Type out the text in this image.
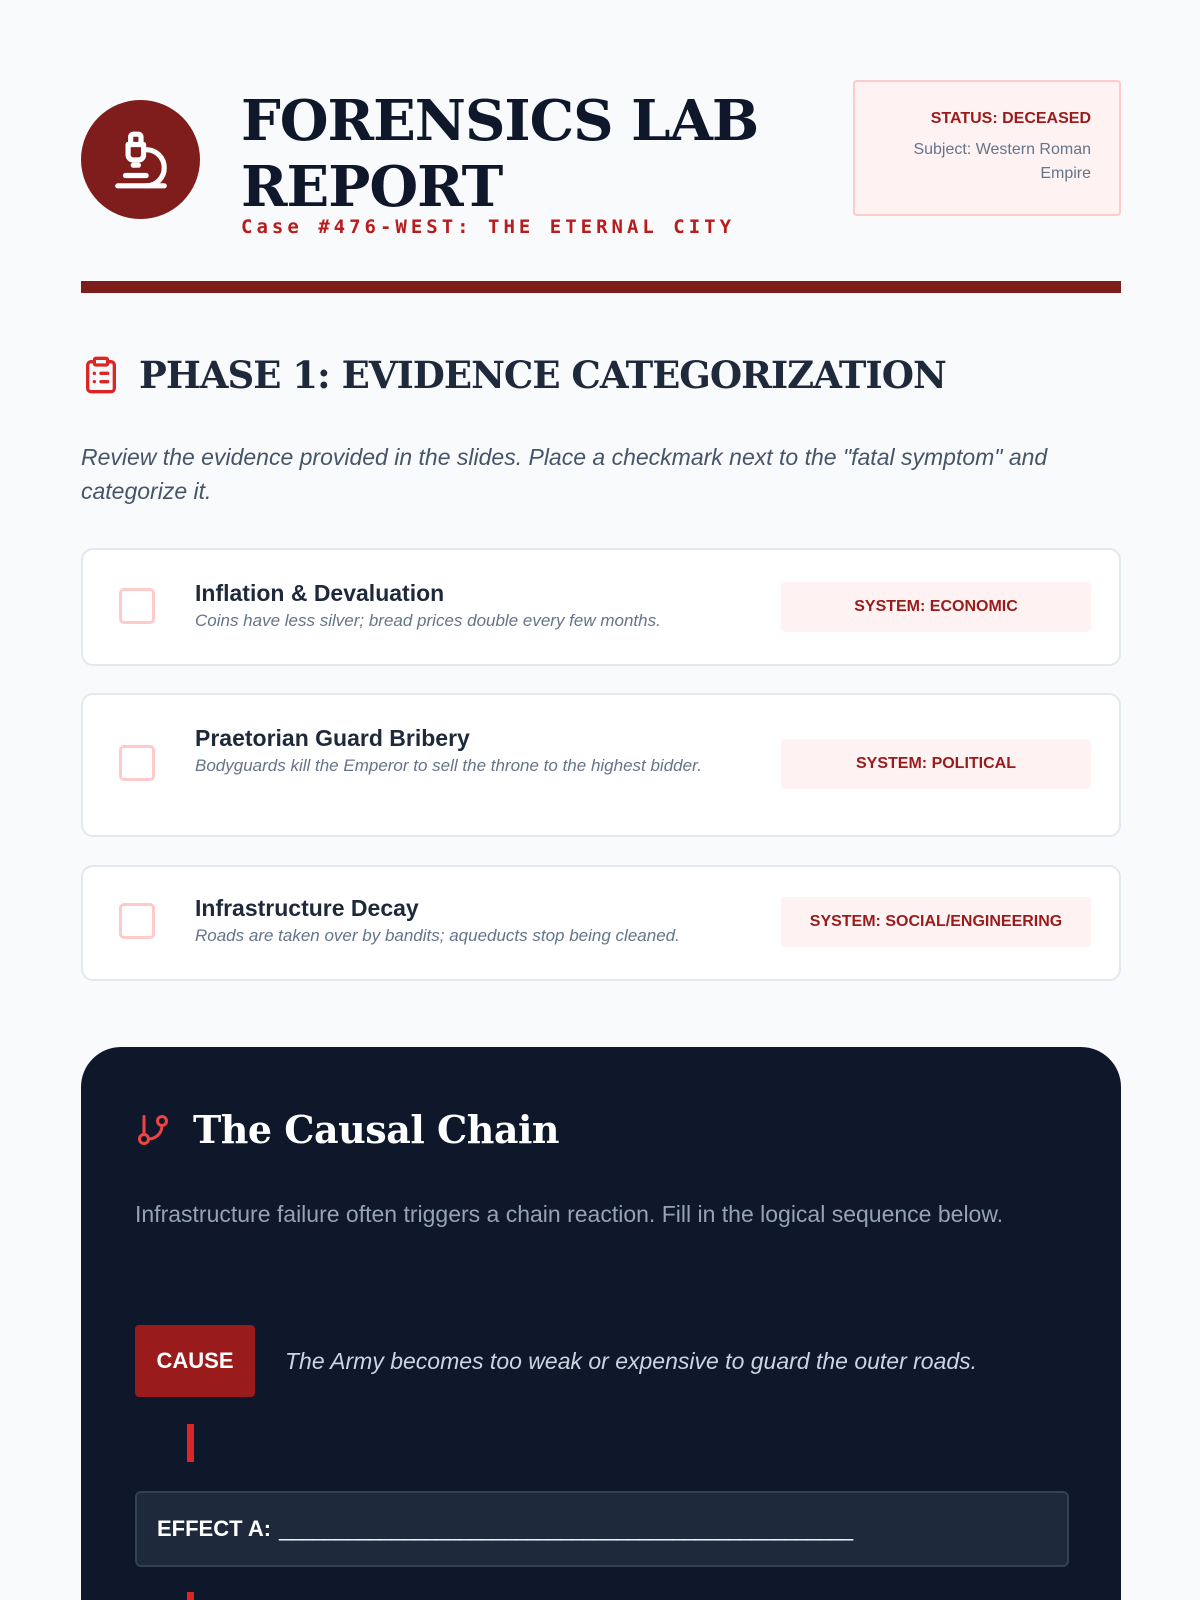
FORENSICS LAB
REPORT
Case #476-WEST: THE ETERNAL CITY
STATUS: DECEASED
Subject: Western Roman Empire
PHASE 1: EVIDENCE CATEGORIZATION
Review the evidence provided in the slides. Place a checkmark next to the "fatal symptom" and categorize it.
Inflation & Devaluation
Coins have less silver; bread prices double every few months.
SYSTEM: ECONOMIC
Praetorian Guard Bribery
Bodyguards kill the Emperor to sell the throne to the highest bidder.	SYSTEM: POLITICAL
Infrastructure Decay
Roads are taken over by bandits; aqueducts stop being cleaned.
SYSTEM: SOCIAL/ENGINEERING
The Causal Chain
Infrastructure failure often triggers a chain reaction. Fill in the logical sequence below.
CAUSE	The Army becomes too weak or expensive to guard the outer roads.
EFFECT A: ___________________________________________________
